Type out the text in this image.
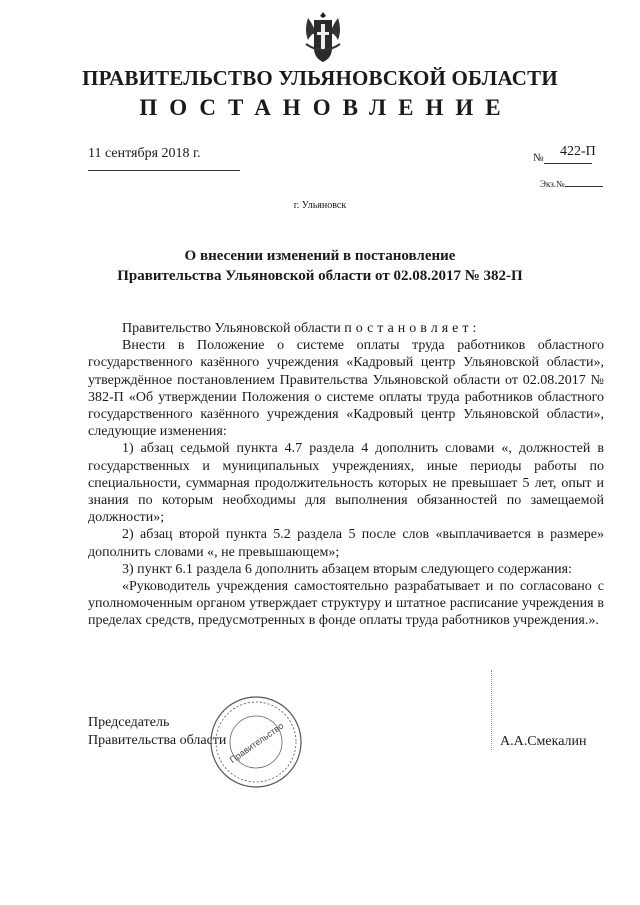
ПРАВИТЕЛЬСТВО УЛЬЯНОВСКОЙ ОБЛАСТИ
ПОСТАНОВЛЕНИЕ
11 сентября 2018 г.	№ 422-П
Экз.№
г. Ульяновск
О внесении изменений в постановление
Правительства Ульяновской области от 02.08.2017 № 382-П

Правительство Ульяновской области постановляет:

Внести в Положение о системе оплаты труда работников областного государственного казённого учреждения «Кадровый центр Ульяновской области», утверждённое постановлением Правительства Ульяновской области от 02.08.2017 № 382-П «Об утверждении Положения о системе оплаты труда работников областного государственного казённого учреждения «Кадровый центр Ульяновской области», следующие изменения:

1) абзац седьмой пункта 4.7 раздела 4 дополнить словами «, должностей в государственных и муниципальных учреждениях, иные периоды работы по специальности, суммарная продолжительность которых не превышает 5 лет, опыт и знания по которым необходимы для выполнения обязанностей по замещаемой должности»;

2) абзац второй пункта 5.2 раздела 5 после слов «выплачивается в размере» дополнить словами «, не превышающем»;

3) пункт 6.1 раздела 6 дополнить абзацем вторым следующего содержания:

«Руководитель учреждения самостоятельно разрабатывает и по согласовано с уполномоченным органом утверждает структуру и штатное расписание учреждения в пределах средств, предусмотренных в фонде оплаты труда работников учреждения.».

Председатель
Правительства области Правительство	А.А.Смекалин
